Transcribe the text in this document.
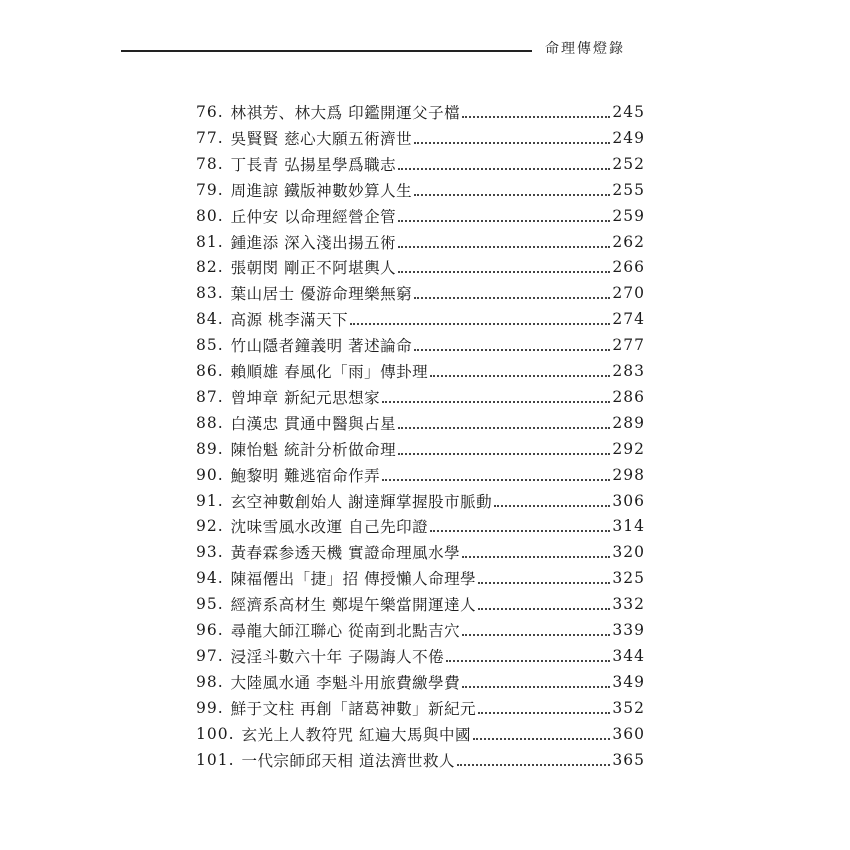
命理傳燈錄
76 . 林祺芳、林大爲 印鑑開運父子檔	245
77 . 吳賢賢 慈心大願五術濟世	249
78 . 丁長青 弘揚星學爲職志	252
79 . 周進諒 鐵版神數妙算人生	255
80 . 丘仲安 以命理經營企管	259
81 . 鍾進添 深入淺出揚五術	262
82 . 張朝閔 剛正不阿堪輿人	266
83 . 葉山居士 優游命理樂無窮	270
84 . 高源 桃李滿天下	274
85 . 竹山隱者鐘義明 著述論命	277
86 . 賴順雄 春風化「雨」傳卦理	283
87 . 曾坤章 新紀元思想家	286
88 . 白漢忠 貫通中醫與占星	289
89 . 陳怡魁 統計分析做命理	292
90 . 鮑黎明 難逃宿命作弄	298
91 . 玄空神數創始人 謝達輝掌握股市脈動	306
92 . 沈味雪風水改運 自己先印證	314
93 . 黃春霖参透天機 實證命理風水學	320
94 . 陳福僊出「捷」招 傳授懶人命理學	325
95 . 經濟系高材生 鄭堤午樂當開運達人	332
96 . 尋龍大師江聯心 從南到北點吉穴	339
97 . 浸淫斗數六十年 子陽誨人不倦	344
98 . 大陸風水通 李魁斗用旅費繳學費	349
99 . 鮮于文柱 再創「諸葛神數」新紀元	352
100 . 玄光上人教符咒 紅遍大馬與中國	360
101 . 一代宗師邱天相 道法濟世救人	365
